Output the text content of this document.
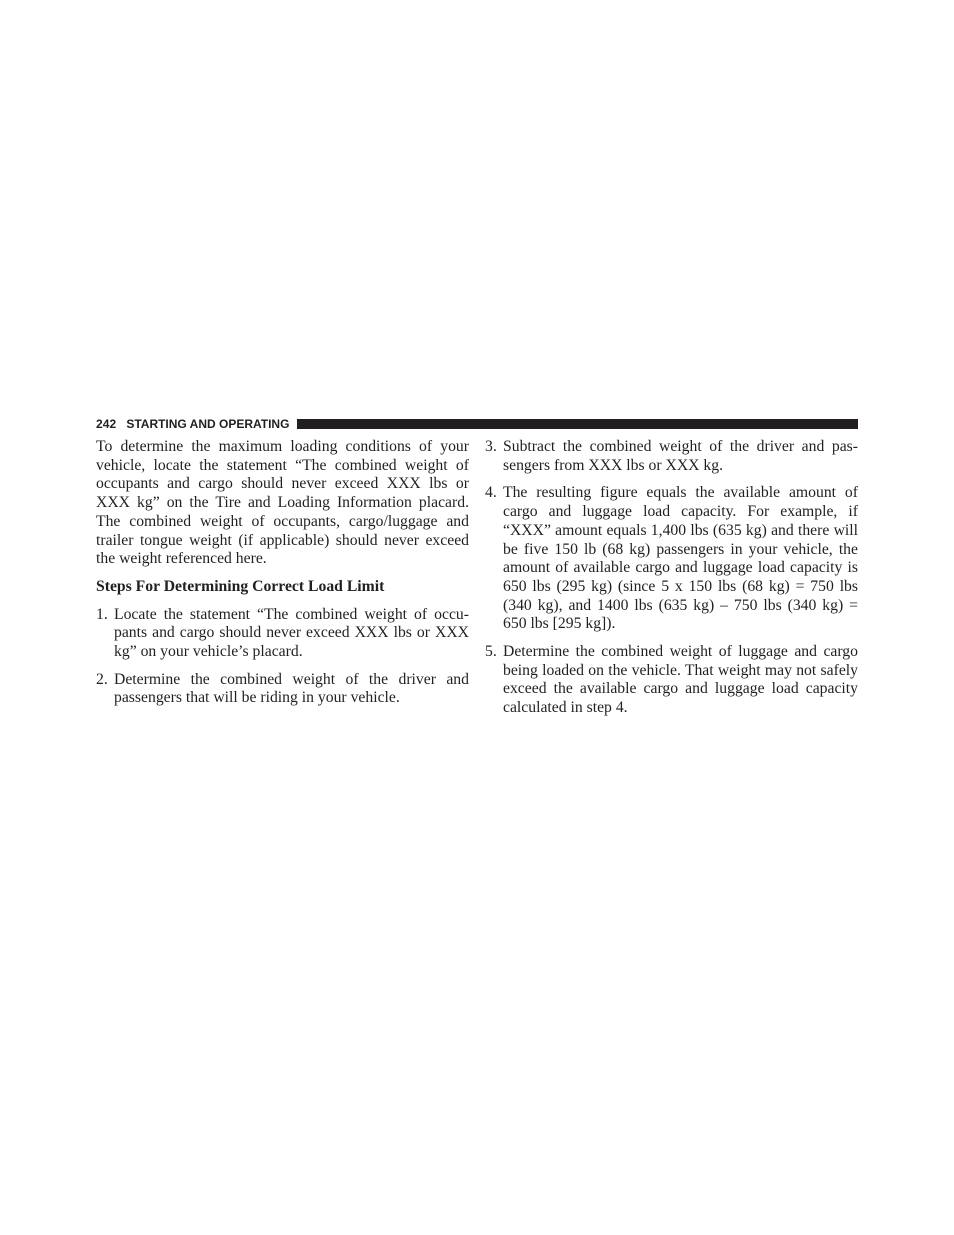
242 STARTING AND OPERATING

To determine the maximum loading conditions of your vehicle, locate the statement “The combined weight of occupants and cargo should never exceed XXX lbs or XXX kg” on the Tire and Loading Information placard. The combined weight of occupants, cargo/luggage and trailer tongue weight (if applicable) should never exceed the weight referenced here.

Steps For Determining Correct Load Limit

1. Locate the statement “The combined weight of occu-pants and cargo should never exceed XXX lbs or XXX kg” on your vehicle’s placard.
2. Determine the combined weight of the driver and passengers that will be riding in your vehicle.
3. Subtract the combined weight of the driver and pas-sengers from XXX lbs or XXX kg.
4. The resulting figure equals the available amount of cargo and luggage load capacity. For example, if “XXX” amount equals 1,400 lbs (635 kg) and there will be five 150 lb (68 kg) passengers in your vehicle, the amount of available cargo and luggage load capacity is 650 lbs (295 kg) (since 5 x 150 lbs (68 kg) = 750 lbs (340 kg), and 1400 lbs (635 kg) – 750 lbs (340 kg) = 650 lbs [295 kg]).
5. Determine the combined weight of luggage and cargo being loaded on the vehicle. That weight may not safely exceed the available cargo and luggage load capacity calculated in step 4.
